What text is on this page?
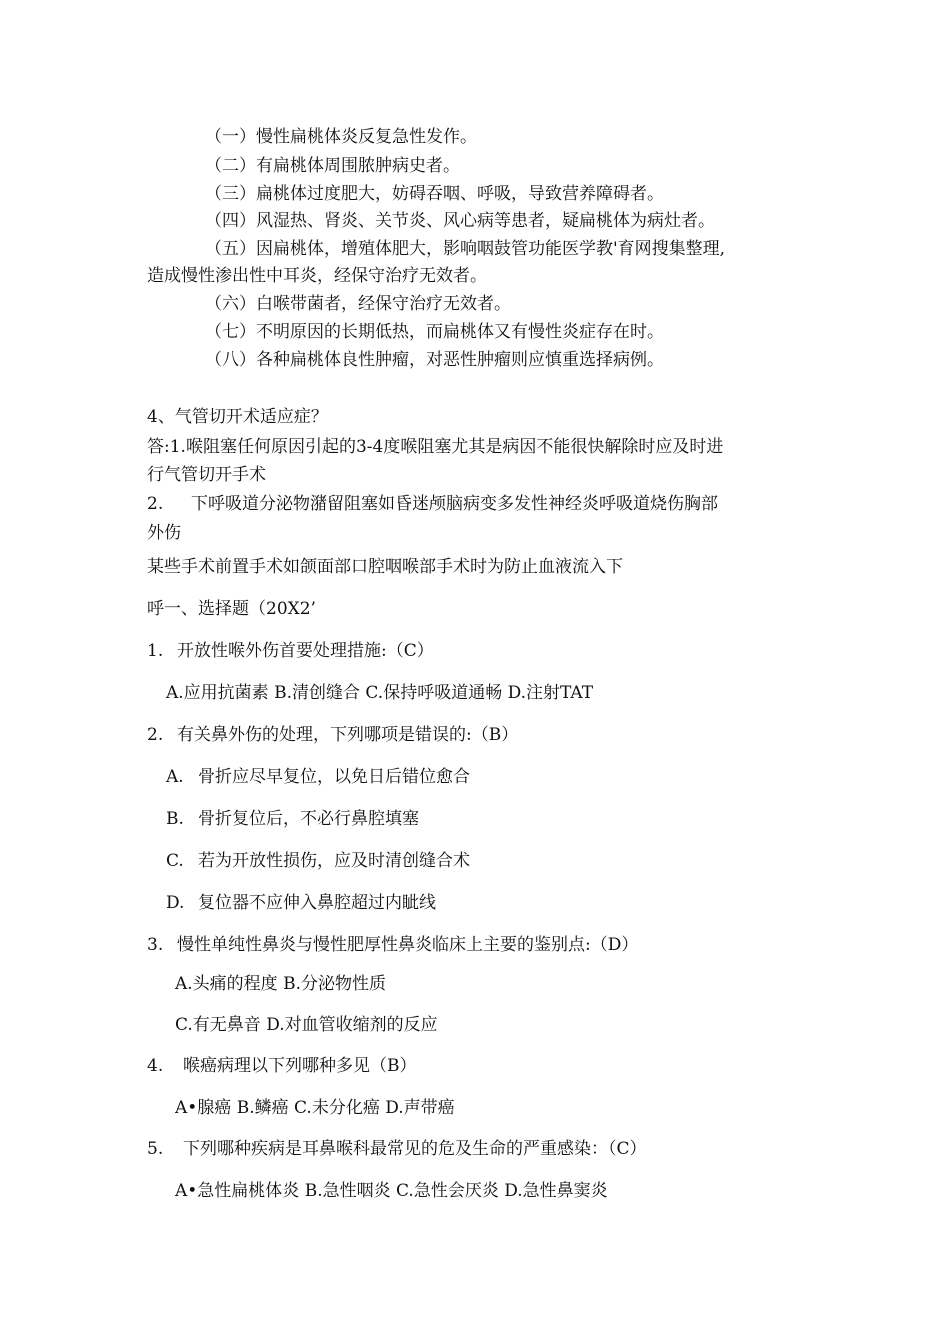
（一）慢性扁桃体炎反复急性发作。
（二）有扁桃体周围脓肿病史者。
（三）扁桃体过度肥大，妨碍吞咽、呼吸，导致营养障碍者。
（四）风湿热、肾炎、关节炎、风心病等患者，疑扁桃体为病灶者。
（五）因扁桃体，增殖体肥大，影响咽鼓管功能医学教'育网搜集整理,
造成慢性渗出性中耳炎，经保守治疗无效者。
（六）白喉带菌者，经保守治疗无效者。
（七）不明原因的长期低热，而扁桃体又有慢性炎症存在时。
（八）各种扁桃体良性肿瘤，对恶性肿瘤则应慎重选择病例。
4、气管切开术适应症？
答:1.喉阻塞任何原因引起的3-4度喉阻塞尤其是病因不能很快解除时应及时进
行气管切开手术
2. 下呼吸道分泌物潴留阻塞如昏迷颅脑病变多发性神经炎呼吸道烧伤胸部
外伤
某些手术前置手术如颌面部口腔咽喉部手术时为防止血液流入下
呼一、选择题（20X2’
1. 开放性喉外伤首要处理措施:（C）
A.应用抗菌素 B.清创缝合 C.保持呼吸道通畅 D.注射TAT
2. 有关鼻外伤的处理，下列哪项是错误的:（B）
A. 骨折应尽早复位，以免日后错位愈合
B. 骨折复位后，不必行鼻腔填塞
C. 若为开放性损伤，应及时清创缝合术
D. 复位器不应伸入鼻腔超过内眦线
3. 慢性单纯性鼻炎与慢性肥厚性鼻炎临床上主要的鉴别点:（D）
A.头痛的程度 B.分泌物性质
C.有无鼻音 D.对血管收缩剂的反应
4. 喉癌病理以下列哪种多见（B）
A•腺癌 B.鳞癌 C.未分化癌 D.声带癌
5. 下列哪种疾病是耳鼻喉科最常见的危及生命的严重感染：（C）
A•急性扁桃体炎 B.急性咽炎 C.急性会厌炎 D.急性鼻窦炎
